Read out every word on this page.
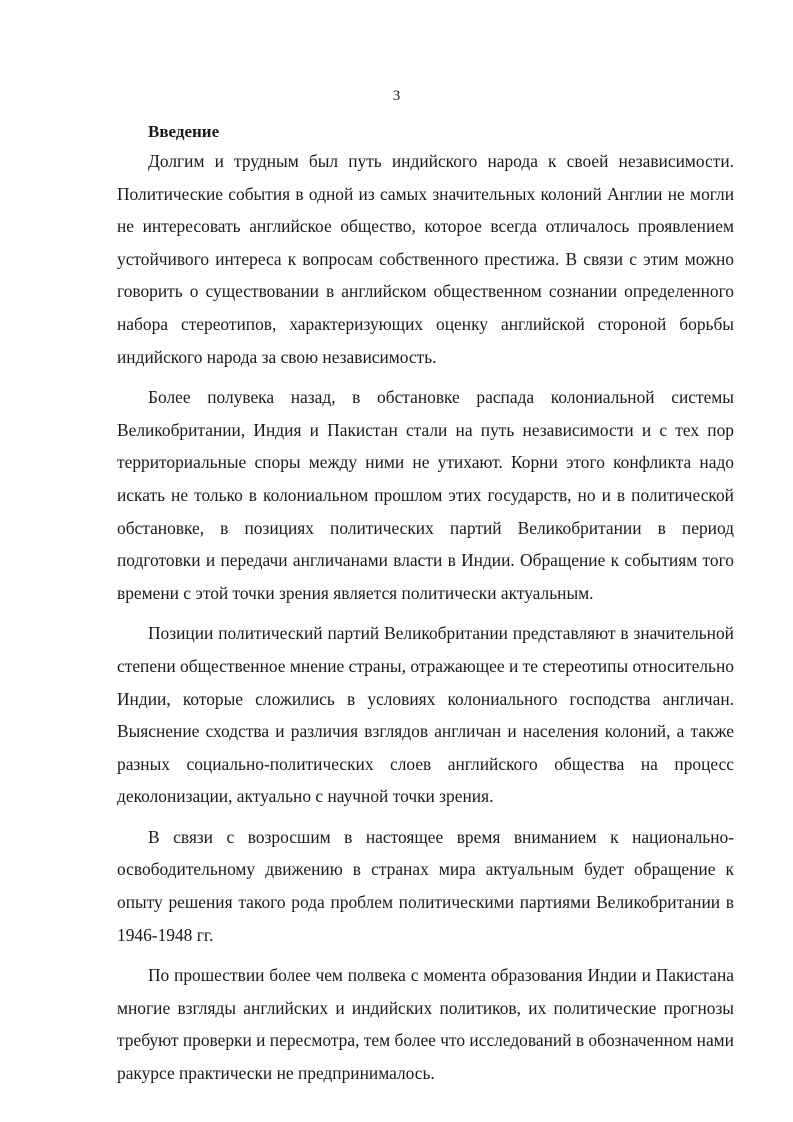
3

Введение

Долгим и трудным был путь индийского народа к своей независимости. Политические события в одной из самых значительных колоний Англии не могли не интересовать английское общество, которое всегда отличалось проявлением устойчивого интереса к вопросам собственного престижа. В связи с этим можно говорить о существовании в английском общественном сознании определенного набора стереотипов, характеризующих оценку английской стороной борьбы индийского народа за свою независимость.

Более полувека назад, в обстановке распада колониальной системы Великобритании, Индия и Пакистан стали на путь независимости и с тех пор территориальные споры между ними не утихают. Корни этого конфликта надо искать не только в колониальном прошлом этих государств, но и в политической обстановке, в позициях политических партий Великобритании в период подготовки и передачи англичанами власти в Индии. Обращение к событиям того времени с этой точки зрения является политически актуальным.

Позиции политический партий Великобритании представляют в значительной степени общественное мнение страны, отражающее и те стереотипы относительно Индии, которые сложились в условиях колониального господства англичан. Выяснение сходства и различия взглядов англичан и населения колоний, а также разных социально-политических слоев английского общества на процесс деколонизации, актуально с научной точки зрения.

В связи с возросшим в настоящее время вниманием к национально-освободительному движению в странах мира актуальным будет обращение к опыту решения такого рода проблем политическими партиями Великобритании в 1946-1948 гг.

По прошествии более чем полвека с момента образования Индии и Пакистана многие взгляды английских и индийских политиков, их политические прогнозы требуют проверки и пересмотра, тем более что исследований в обозначенном нами ракурсе практически не предпринималось.
